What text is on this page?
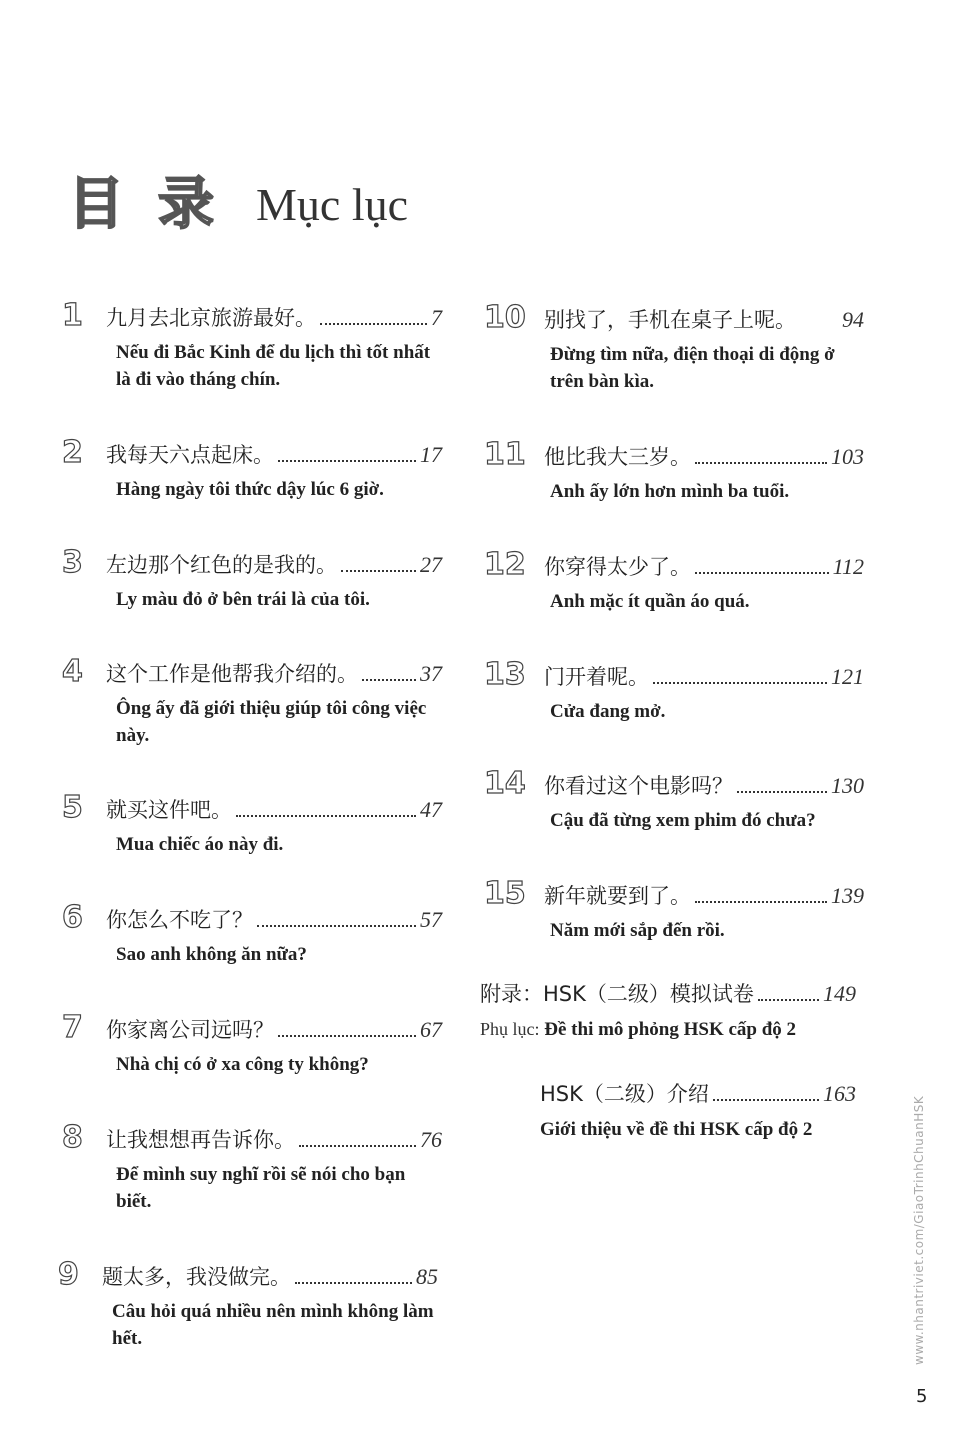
目录 Mục lục
1	九月去北京旅游最好。	7
Nếu đi Bắc Kinh để du lịch thì tốt nhất là đi vào tháng chín.
2	我每天六点起床。	17
Hàng ngày tôi thức dậy lúc 6 giờ.
3	左边那个红色的是我的。	27
Ly màu đỏ ở bên trái là của tôi.
4	这个工作是他帮我介绍的。	37
Ông ấy đã giới thiệu giúp tôi công việc này.
5	就买这件吧。	47
Mua chiếc áo này đi.
6	你怎么不吃了？	57
Sao anh không ăn nữa?
7	你家离公司远吗？	67
Nhà chị có ở xa công ty không?
8	让我想想再告诉你。	76
Để mình suy nghĩ rồi sẽ nói cho bạn biết.
9	题太多，我没做完。	85
Câu hỏi quá nhiều nên mình không làm hết.
10 别找了，手机在桌子上呢。 94
Đừng tìm nữa, điện thoại di động ở trên bàn kìa.
11 他比我大三岁。	103
Anh ấy lớn hơn mình ba tuổi.
12 你穿得太少了。	112
Anh mặc ít quần áo quá.
13 门开着呢。	121
Cửa đang mở.
14 你看过这个电影吗？	130
Cậu đã từng xem phim đó chưa?
15 新年就要到了。	139
Năm mới sắp đến rồi.
附录：HSK（二级）模拟试卷	149
Phụ lục: Đề thi mô phỏng HSK cấp độ 2
HSK（二级）介绍	163
Giới thiệu về đề thi HSK cấp độ 2	www.nhantriviet.com/GiaoTrinhChuanHSK
5
